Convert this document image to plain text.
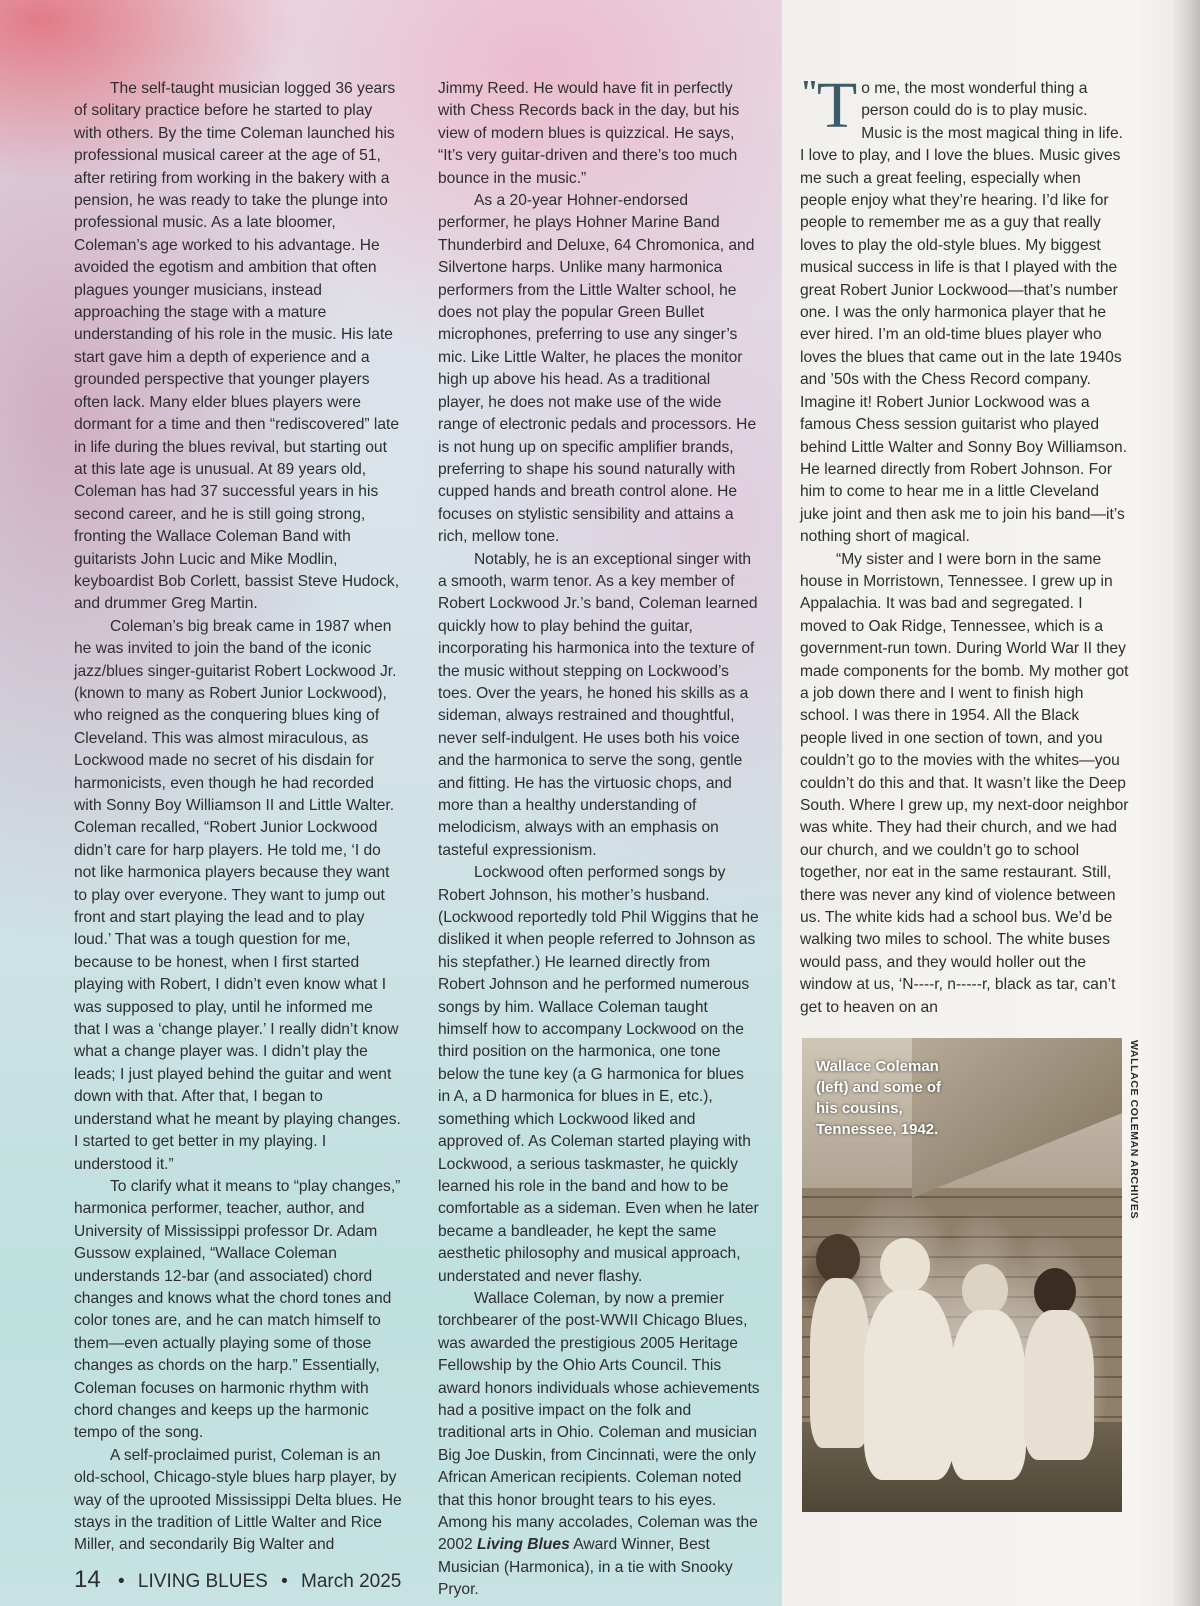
The self-taught musician logged 36 years of solitary practice before he started to play with others. By the time Coleman launched his professional musical career at the age of 51, after retiring from working in the bakery with a pension, he was ready to take the plunge into professional music. As a late bloomer, Coleman’s age worked to his advantage. He avoided the egotism and ambition that often plagues younger musicians, instead approaching the stage with a mature understanding of his role in the music. His late start gave him a depth of experience and a grounded perspective that younger players often lack. Many elder blues players were dormant for a time and then “rediscovered” late in life during the blues revival, but starting out at this late age is unusual. At 89 years old, Coleman has had 37 successful years in his second career, and he is still going strong, fronting the Wallace Coleman Band with guitarists John Lucic and Mike Modlin, keyboardist Bob Corlett, bassist Steve Hudock, and drummer Greg Martin.

Coleman’s big break came in 1987 when he was invited to join the band of the iconic jazz/blues singer-guitarist Robert Lockwood Jr. (known to many as Robert Junior Lockwood), who reigned as the conquering blues king of Cleveland. This was almost miraculous, as Lockwood made no secret of his disdain for harmonicists, even though he had recorded with Sonny Boy Williamson II and Little Walter. Coleman recalled, “Robert Junior Lockwood didn’t care for harp players. He told me, ‘I do not like harmonica players because they want to play over everyone. They want to jump out front and start playing the lead and to play loud.’ That was a tough question for me, because to be honest, when I first started playing with Robert, I didn’t even know what I was supposed to play, until he informed me that I was a ‘change player.’ I really didn’t know what a change player was. I didn’t play the leads; I just played behind the guitar and went down with that. After that, I began to understand what he meant by playing changes. I started to get better in my playing. I understood it.”

To clarify what it means to “play changes,” harmonica performer, teacher, author, and University of Mississippi professor Dr. Adam Gussow explained, “Wallace Coleman understands 12-bar (and associated) chord changes and knows what the chord tones and color tones are, and he can match himself to them—even actually playing some of those changes as chords on the harp.” Essentially, Coleman focuses on harmonic rhythm with chord changes and keeps up the harmonic tempo of the song.

A self-proclaimed purist, Coleman is an old-school, Chicago-style blues harp player, by way of the uprooted Mississippi Delta blues. He stays in the tradition of Little Walter and Rice Miller, and secondarily Big Walter and

Jimmy Reed. He would have fit in perfectly with Chess Records back in the day, but his view of modern blues is quizzical. He says, “It’s very guitar-driven and there’s too much bounce in the music.”

As a 20-year Hohner-endorsed performer, he plays Hohner Marine Band Thunderbird and Deluxe, 64 Chromonica, and Silvertone harps. Unlike many harmonica performers from the Little Walter school, he does not play the popular Green Bullet microphones, preferring to use any singer’s mic. Like Little Walter, he places the monitor high up above his head. As a traditional player, he does not make use of the wide range of electronic pedals and processors. He is not hung up on specific amplifier brands, preferring to shape his sound naturally with cupped hands and breath control alone. He focuses on stylistic sensibility and attains a rich, mellow tone.

Notably, he is an exceptional singer with a smooth, warm tenor. As a key member of Robert Lockwood Jr.’s band, Coleman learned quickly how to play behind the guitar, incorporating his harmonica into the texture of the music without stepping on Lockwood’s toes. Over the years, he honed his skills as a sideman, always restrained and thoughtful, never self-indulgent. He uses both his voice and the harmonica to serve the song, gentle and fitting. He has the virtuosic chops, and more than a healthy understanding of melodicism, always with an emphasis on tasteful expressionism.

Lockwood often performed songs by Robert Johnson, his mother’s husband. (Lockwood reportedly told Phil Wiggins that he disliked it when people referred to Johnson as his stepfather.) He learned directly from Robert Johnson and he performed numerous songs by him. Wallace Coleman taught himself how to accompany Lockwood on the third position on the harmonica, one tone below the tune key (a G harmonica for blues in A, a D harmonica for blues in E, etc.), something which Lockwood liked and approved of. As Coleman started playing with Lockwood, a serious taskmaster, he quickly learned his role in the band and how to be comfortable as a sideman. Even when he later became a bandleader, he kept the same aesthetic philosophy and musical approach, understated and never flashy.

Wallace Coleman, by now a premier torchbearer of the post-WWII Chicago Blues, was awarded the prestigious 2005 Heritage Fellowship by the Ohio Arts Council. This award honors individuals whose achievements had a positive impact on the folk and traditional arts in Ohio. Coleman and musician Big Joe Duskin, from Cincinnati, were the only African American recipients. Coleman noted that this honor brought tears to his eyes. Among his many accolades, Coleman was the 2002 Living Blues Award Winner, Best Musician (Harmonica), in a tie with Snooky Pryor.

"
T o me, the most wonderful thing a person could do is to play music. Music is the most magical thing in life. I love to play, and I love the blues. Music gives me such a great feeling, especially when people enjoy what they’re hearing. I’d like for people to remember me as a guy that really loves to play the old-style blues. My biggest musical success in life is that I played with the great Robert Junior Lockwood—that’s number one. I was the only harmonica player that he ever hired. I’m an old-time blues player who loves the blues that came out in the late 1940s and ’50s with the Chess Record company. Imagine it! Robert Junior Lockwood was a famous Chess session guitarist who played behind Little Walter and Sonny Boy Williamson. He learned directly from Robert Johnson. For him to come to hear me in a little Cleveland juke joint and then ask me to join his band—it’s nothing short of magical.

“My sister and I were born in the same house in Morristown, Tennessee. I grew up in Appalachia. It was bad and segregated. I moved to Oak Ridge, Tennessee, which is a government-run town. During World War II they made components for the bomb. My mother got a job down there and I went to finish high school. I was there in 1954. All the Black people lived in one section of town, and you couldn’t go to the movies with the whites—you couldn’t do this and that. It wasn’t like the Deep South. Where I grew up, my next-door neighbor was white. They had their church, and we had our church, and we couldn’t go to school together, nor eat in the same restaurant. Still, there was never any kind of violence between us. The white kids had a school bus. We’d be walking two miles to school. The white buses would pass, and they would holler out the window at us, ‘N----r, n-----r, black as tar, can’t get to heaven on an

Wallace Coleman (left) and some of his cousins, Tennessee, 1942.	WALLACE COLEMAN ARCHIVES
14 • LIVING BLUES • March 2025
